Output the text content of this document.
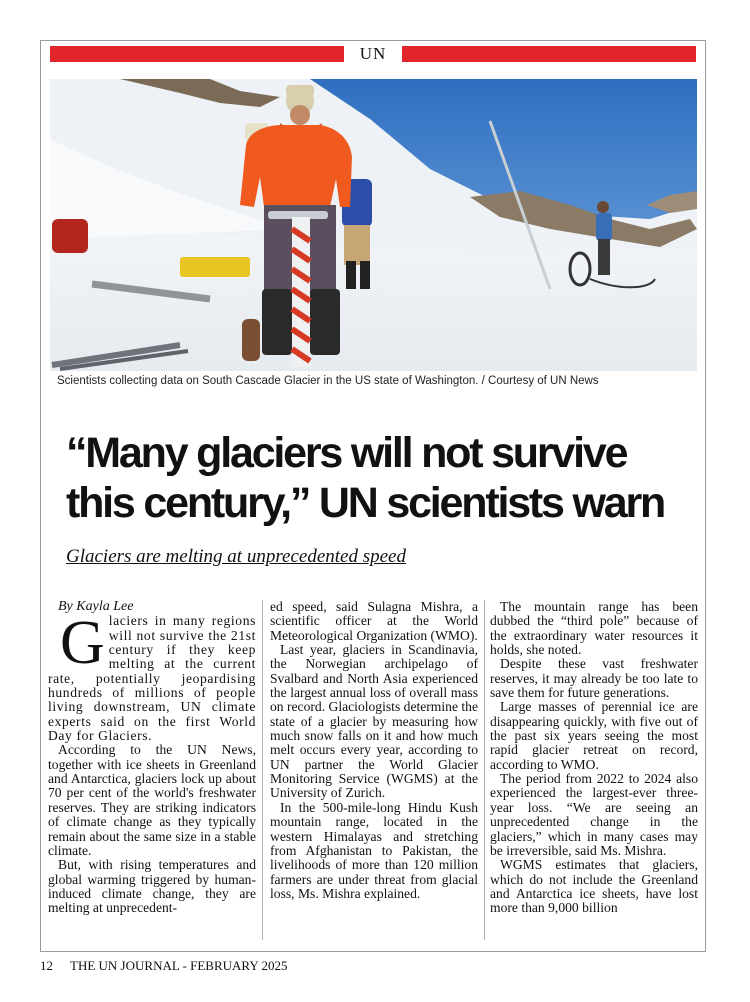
UN
Scientists collecting data on South Cascade Glacier in the US state of Washington. / Courtesy of UN News
“Many glaciers will not survive
this century,” UN scientists warn
Glaciers are melting at unprecedented speed

By Kayla Lee

G laciers in many regions will not survive the 21st century if they keep melting at the current rate, potentially jeopardising hundreds of millions of people living downstream, UN climate experts said on the first World Day for Glaciers.

According to the UN News, together with ice sheets in Greenland and Antarctica, glaciers lock up about 70 per cent of the world's freshwater reserves. They are striking indicators of climate change as they typically remain about the same size in a stable climate.

But, with rising temperatures and global warming triggered by human-induced climate change, they are melting at unprecedent-

ed speed, said Sulagna Mishra, a scientific officer at the World Meteorological Organization (WMO).

Last year, glaciers in Scandinavia, the Norwegian archipelago of Svalbard and North Asia experienced the largest annual loss of overall mass on record. Glaciologists determine the state of a glacier by measuring how much snow falls on it and how much melt occurs every year, according to UN partner the World Glacier Monitoring Service (WGMS) at the University of Zurich.

In the 500-mile-long Hindu Kush mountain range, located in the western Himalayas and stretching from Afghanistan to Pakistan, the livelihoods of more than 120 million farmers are under threat from glacial loss, Ms. Mishra explained.

The mountain range has been dubbed the “third pole” because of the extraordinary water resources it holds, she noted.

Despite these vast freshwater reserves, it may already be too late to save them for future generations.

Large masses of perennial ice are disappearing quickly, with five out of the past six years seeing the most rapid glacier retreat on record, according to WMO.

The period from 2022 to 2024 also experienced the largest-ever three-year loss. “We are seeing an unprecedented change in the glaciers,” which in many cases may be irreversible, said Ms. Mishra.

WGMS estimates that glaciers, which do not include the Greenland and Antarctica ice sheets, have lost more than 9,000 billion

12 THE UN JOURNAL - FEBRUARY 2025
